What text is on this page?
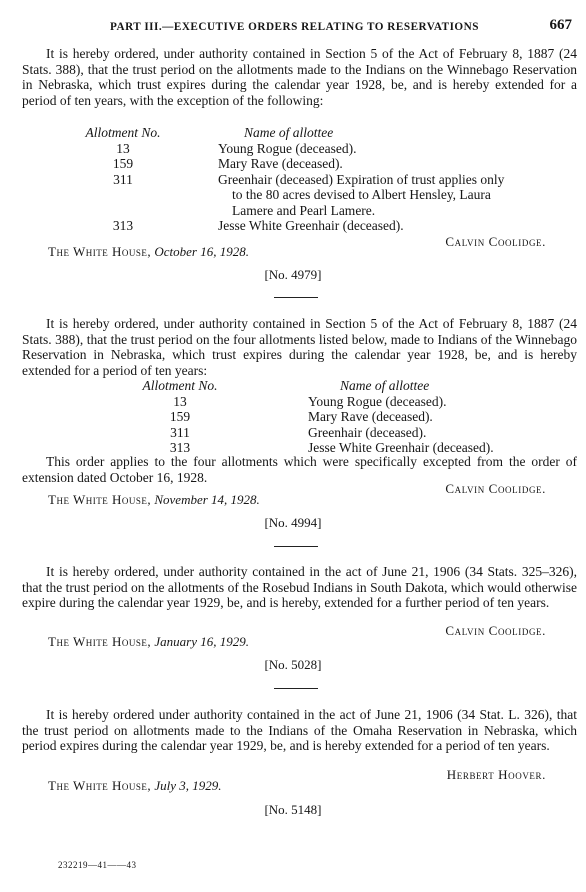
PART III.—EXECUTIVE ORDERS RELATING TO RESERVATIONS	667

It is hereby ordered, under authority contained in Section 5 of the Act of February 8, 1887 (24 Stats. 388), that the trust period on the allotments made to the Indians on the Winnebago Reservation in Nebraska, which trust expires during the calendar year 1928, be, and is hereby extended for a period of ten years, with the exception of the following:

Allotment No.	Name of allottee
13	Young Rogue (deceased).
159	Mary Rave (deceased).
311	Greenhair (deceased) Expiration of trust applies only
to the 80 acres devised to Albert Hensley, Laura
Lamere and Pearl Lamere.
313	Jesse White Greenhair (deceased).
Calvin Coolidge.
The White House, October 16, 1928.
[No. 4979]

It is hereby ordered, under authority contained in Section 5 of the Act of February 8, 1887 (24 Stats. 388), that the trust period on the four allotments listed below, made to Indians of the Winnebago Reservation in Nebraska, which trust expires during the calendar year 1928, be, and is hereby extended for a period of ten years:

Allotment No.	Name of allottee
13	Young Rogue (deceased).
159	Mary Rave (deceased).
311	Greenhair (deceased).
313	Jesse White Greenhair (deceased).

This order applies to the four allotments which were specifically excepted from the order of extension dated October 16, 1928.

Calvin Coolidge.
The White House, November 14, 1928.
[No. 4994]

It is hereby ordered, under authority contained in the act of June 21, 1906 (34 Stats. 325–326), that the trust period on the allotments of the Rosebud Indians in South Dakota, which would otherwise expire during the calendar year 1929, be, and is hereby, extended for a further period of ten years.

Calvin Coolidge.
The White House, January 16, 1929.
[No. 5028]

It is hereby ordered under authority contained in the act of June 21, 1906 (34 Stat. L. 326), that the trust period on allotments made to the Indians of the Omaha Reservation in Nebraska, which period expires during the calendar year 1929, be, and is hereby extended for a period of ten years.

Herbert Hoover.
The White House, July 3, 1929.
[No. 5148]
232219—41——43
